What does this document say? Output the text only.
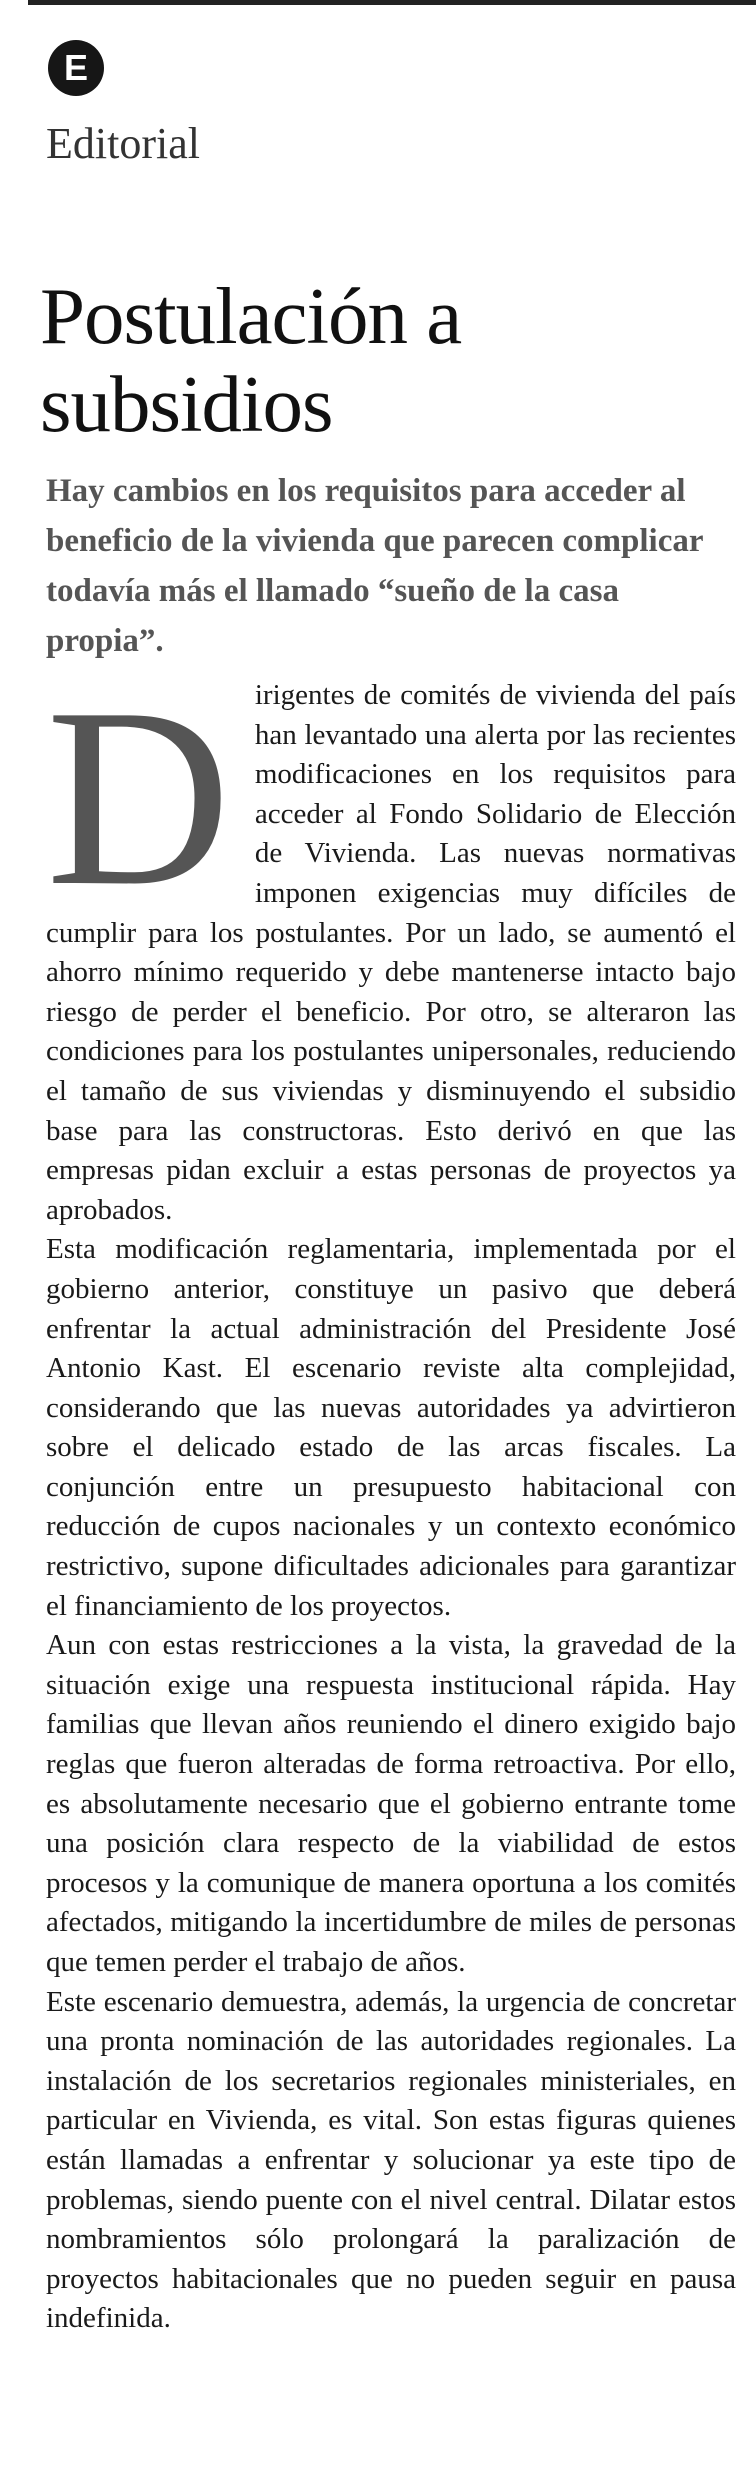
E
Editorial
Postulación a subsidios
Hay cambios en los requisitos para acceder al beneficio de la vivienda que parecen complicar todavía más el llamado “sueño de la casa propia”.
D irigentes de comités de vivienda del país han levantado una alerta por las recientes modificaciones en los requisitos para acceder al Fondo Solidario de Elección de Vivienda. Las nuevas normativas imponen exigencias muy difíciles de cumplir para los postulantes. Por un lado, se aumentó el ahorro mínimo requerido y debe mantenerse intacto bajo riesgo de perder el beneficio. Por otro, se alteraron las condiciones para los postulantes unipersonales, reduciendo el tamaño de sus viviendas y disminuyendo el subsidio base para las constructoras. Esto derivó en que las empresas pidan excluir a estas personas de proyectos ya aprobados.

Esta modificación reglamentaria, implementada por el gobierno anterior, constituye un pasivo que deberá enfrentar la actual administración del Presidente José Antonio Kast. El escenario reviste alta complejidad, considerando que las nuevas autoridades ya advirtieron sobre el delicado estado de las arcas fiscales. La conjunción entre un presupuesto habitacional con reducción de cupos nacionales y un contexto económico restrictivo, supone dificultades adicionales para garantizar el financiamiento de los proyectos.

Aun con estas restricciones a la vista, la gravedad de la situación exige una respuesta institucional rápida. Hay familias que llevan años reuniendo el dinero exigido bajo reglas que fueron alteradas de forma retroactiva. Por ello, es absolutamente necesario que el gobierno entrante tome una posición clara respecto de la viabilidad de estos procesos y la comunique de manera oportuna a los comités afectados, mitigando la incertidumbre de miles de personas que temen perder el trabajo de años.

Este escenario demuestra, además, la urgencia de concretar una pronta nominación de las autoridades regionales. La instalación de los secretarios regionales ministeriales, en particular en Vivienda, es vital. Son estas figuras quienes están llamadas a enfrentar y solucionar ya este tipo de problemas, siendo puente con el nivel central. Dilatar estos nombramientos sólo prolongará la paralización de proyectos habitacionales que no pueden seguir en pausa indefinida.
